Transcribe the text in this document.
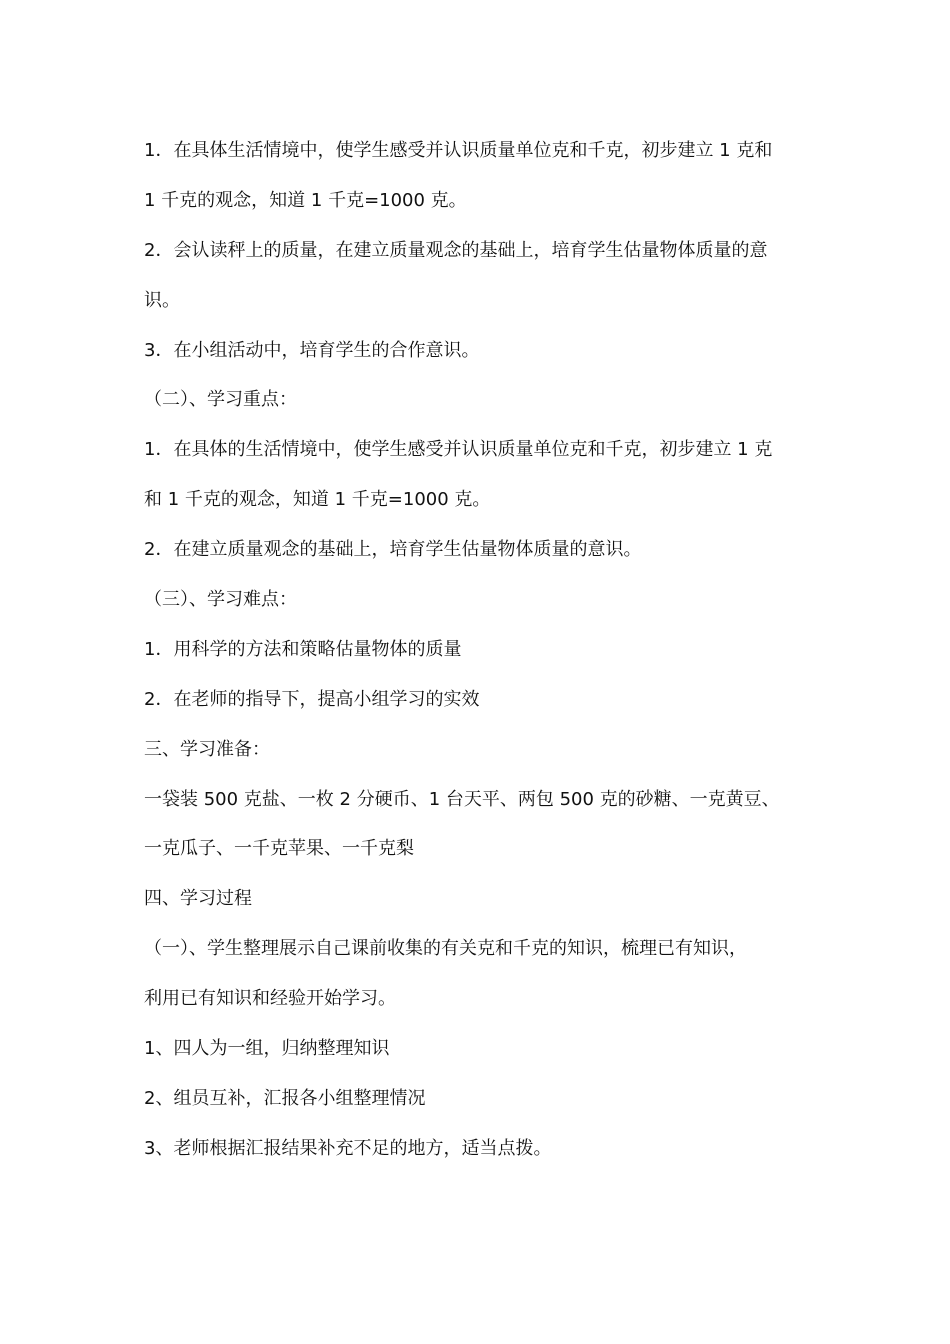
1．在具体生活情境中，使学生感受并认识质量单位克和千克，初步建立 1 克和
1 千克的观念，知道 1 千克=1000 克。
2．会认读秤上的质量，在建立质量观念的基础上，培育学生估量物体质量的意
识。
3．在小组活动中，培育学生的合作意识。
（二）、学习重点：
1．在具体的生活情境中，使学生感受并认识质量单位克和千克，初步建立 1 克
和 1 千克的观念，知道 1 千克=1000 克。
2．在建立质量观念的基础上，培育学生估量物体质量的意识。
（三）、学习难点：
1．用科学的方法和策略估量物体的质量
2．在老师的指导下，提高小组学习的实效
三、学习准备：
一袋装 500 克盐、一枚 2 分硬币、1 台天平、两包 500 克的砂糖、一克黄豆、
一克瓜子、一千克苹果、一千克梨
四、学习过程
（一）、学生整理展示自己课前收集的有关克和千克的知识，梳理已有知识，
利用已有知识和经验开始学习。
1、四人为一组，归纳整理知识
2、组员互补，汇报各小组整理情况
3、老师根据汇报结果补充不足的地方，适当点拨。
